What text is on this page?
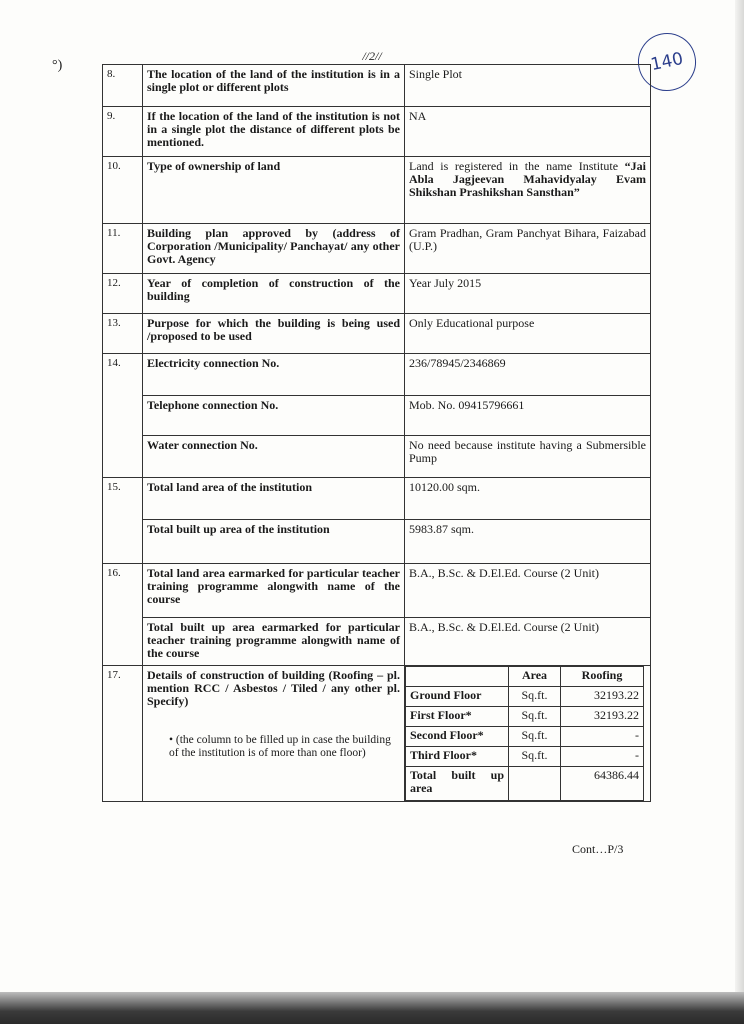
//2//	140
°)
8.	The location of the land of the institution is in a single plot or different plots	Single Plot
9.	If the location of the land of the institution is not in a single plot the distance of different plots be mentioned.	NA
10.	Type of ownership of land	Land is registered in the name Institute “Jai Abla Jagjeevan Mahavidyalay Evam Shikshan Prashikshan Sansthan”
11.	Building plan approved by (address of Corporation /Municipality/ Panchayat/ any other Govt. Agency	Gram Pradhan, Gram Panchyat Bihara, Faizabad (U.P.)
12.	Year of completion of construction of the building	Year July 2015
13.	Purpose for which the building is being used /proposed to be used	Only Educational purpose
14.	Electricity connection No.	236/78945/2346869
Telephone connection No.	Mob. No. 09415796661
Water connection No.	No need because institute having a Submersible Pump
15.	Total land area of the institution	10120.00 sqm.
Total built up area of the institution	5983.87 sqm.
16.	Total land area earmarked for particular teacher training programme alongwith name of the course	B.A., B.Sc. & D.El.Ed. Course (2 Unit)
Total built up area earmarked for particular teacher training programme alongwith name of the course	B.A., B.Sc. & D.El.Ed. Course (2 Unit)
17.	Details of construction of building (Roofing – pl. mention RCC / Asbestos / Tiled / any other pl. Specify)
• (the column to be filled up in case the building of the institution is of more than one floor)

	Area	Roofing
Ground Floor	Sq.ft.	32193.22
First Floor*	Sq.ft.	32193.22
Second Floor*	Sq.ft.	-
Third Floor*	Sq.ft.	-
Total built up area		64386.44
Cont…P/3
